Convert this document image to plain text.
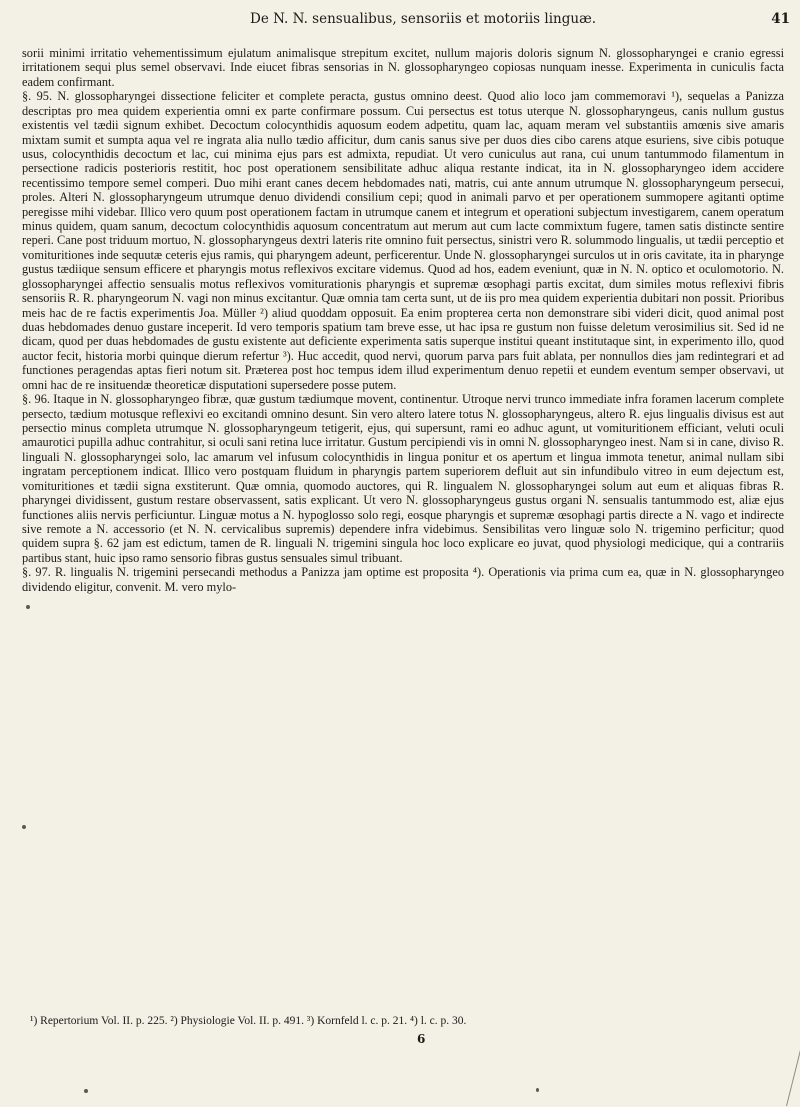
De N. N. sensualibus, sensoriis et motoriis linguæ.	41

sorii minimi irritatio vehementissimum ejulatum animalisque strepitum excitet, nullum majoris doloris signum N. glossopharyngei e cranio egressi irritationem sequi plus semel observavi. Inde eiucet fibras sensorias in N. glossopharyngeo copiosas nunquam inesse. Experimenta in cuniculis facta eadem confirmant.

§. 95. N. glossopharyngei dissectione feliciter et complete peracta, gustus omnino deest. Quod alio loco jam commemoravi ¹), sequelas a Panizza descriptas pro mea quidem experientia omni ex parte confirmare possum. Cui persectus est totus uterque N. glossopharyngeus, canis nullum gustus existentis vel tædii signum exhibet. Decoctum colocynthidis aquosum eodem adpetitu, quam lac, aquam meram vel substantiis amœnis sive amaris mixtam sumit et sumpta aqua vel re ingrata alia nullo tædio afficitur, dum canis sanus sive per duos dies cibo carens atque esuriens, sive cibis potuque usus, colocynthidis decoctum et lac, cui minima ejus pars est admixta, repudiat. Ut vero cuniculus aut rana, cui unum tantummodo filamentum in persectione radicis posterioris restitit, hoc post operationem sensibilitate adhuc aliqua restante indicat, ita in N. glossopharyngeo idem accidere recentissimo tempore semel comperi. Duo mihi erant canes decem hebdomades nati, matris, cui ante annum utrumque N. glossopharyngeum persecui, proles. Alteri N. glossopharyngeum utrumque denuo dividendi consilium cepi; quod in animali parvo et per operationem summopere agitanti optime peregisse mihi videbar. Illico vero quum post operationem factam in utrumque canem et integrum et operationi subjectum investigarem, canem operatum minus quidem, quam sanum, decoctum colocynthidis aquosum concentratum aut merum aut cum lacte commixtum fugere, tamen satis distincte sentire reperi. Cane post triduum mortuo, N. glossopharyngeus dextri lateris rite omnino fuit persectus, sinistri vero R. solummodo lingualis, ut tædii perceptio et vomituritiones inde sequutæ ceteris ejus ramis, qui pharyngem adeunt, perficerentur. Unde N. glossopharyngei surculos ut in oris cavitate, ita in pharynge gustus tædiique sensum efficere et pharyngis motus reflexivos excitare videmus. Quod ad hos, eadem eveniunt, quæ in N. N. optico et oculomotorio. N. glossopharyngei affectio sensualis motus reflexivos vomiturationis pharyngis et supremæ œsophagi partis excitat, dum similes motus reflexivi fibris sensoriis R. R. pharyngeorum N. vagi non minus excitantur. Quæ omnia tam certa sunt, ut de iis pro mea quidem experientia dubitari non possit. Prioribus meis hac de re factis experimentis Joa. Müller ²) aliud quoddam opposuit. Ea enim propterea certa non demonstrare sibi videri dicit, quod animal post duas hebdomades denuo gustare inceperit. Id vero temporis spatium tam breve esse, ut hac ipsa re gustum non fuisse deletum verosimilius sit. Sed id ne dicam, quod per duas hebdomades de gustu existente aut deficiente experimenta satis superque institui queant institutaque sint, in experimento illo, quod auctor fecit, historia morbi quinque dierum refertur ³). Huc accedit, quod nervi, quorum parva pars fuit ablata, per nonnullos dies jam redintegrari et ad functiones peragendas aptas fieri notum sit. Præterea post hoc tempus idem illud experimentum denuo repetii et eundem eventum semper observavi, ut omni hac de re insituendæ theoreticæ disputationi supersedere posse putem.

§. 96. Itaque in N. glossopharyngeo fibræ, quæ gustum tædiumque movent, continentur. Utroque nervi trunco immediate infra foramen lacerum complete persecto, tædium motusque reflexivi eo excitandi omnino desunt. Sin vero altero latere totus N. glossopharyngeus, altero R. ejus lingualis divisus est aut persectio minus completa utrumque N. glossopharyngeum tetigerit, ejus, qui supersunt, rami eo adhuc agunt, ut vomituritionem efficiant, veluti oculi amaurotici pupilla adhuc contrahitur, si oculi sani retina luce irritatur. Gustum percipiendi vis in omni N. glossopharyngeo inest. Nam si in cane, diviso R. linguali N. glossopharyngei solo, lac amarum vel infusum colocynthidis in lingua ponitur et os apertum et lingua immota tenetur, animal nullam sibi ingratam perceptionem indicat. Illico vero postquam fluidum in pharyngis partem superiorem defluit aut sin infundibulo vitreo in eum dejectum est, vomituritiones et tædii signa exstiterunt. Quæ omnia, quomodo auctores, qui R. lingualem N. glossopharyngei solum aut eum et aliquas fibras R. pharyngei dividissent, gustum restare observassent, satis explicant. Ut vero N. glossopharyngeus gustus organi N. sensualis tantummodo est, aliæ ejus functiones aliis nervis perficiuntur. Linguæ motus a N. hypoglosso solo regi, eosque pharyngis et supremæ œsophagi partis directe a N. vago et indirecte sive remote a N. accessorio (et N. N. cervicalibus supremis) dependere infra videbimus. Sensibilitas vero linguæ solo N. trigemino perficitur; quod quidem supra §. 62 jam est edictum, tamen de R. linguali N. trigemini singula hoc loco explicare eo juvat, quod physiologi medicique, qui a contrariis partibus stant, huic ipso ramo sensorio fibras gustus sensuales simul tribuant.

§. 97. R. lingualis N. trigemini persecandi methodus a Panizza jam optime est proposita ⁴). Operationis via prima cum ea, quæ in N. glossopharyngeo dividendo eligitur, convenit. M. vero mylo-

¹) Repertorium Vol. II. p. 225. ²) Physiologie Vol. II. p. 491. ³) Kornfeld l. c. p. 21. ⁴) l. c. p. 30.
6
